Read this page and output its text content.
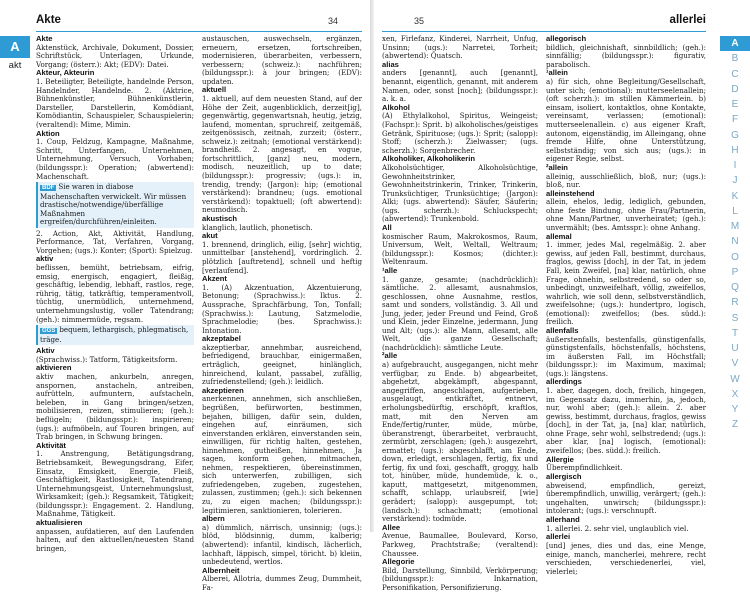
A
akt
Akte	34
Akte
Aktenstück, Archivale, Dokument, Dossier, Schriftstück, Unterlagen, Urkunde, Vorgang; (österr.): Akt; (EDV): Datei.
Akteur, Akteurin
1. Beteiligter, Beteiligte, handelnde Person, Handelnder, Handelnde. 2. (Aktrice, Bühnenkünstler, Bühnenkünstlerin, Darsteller, Darstellerin, Komödiant, Komödiantin, Schauspieler, Schauspielerin; (veraltend): Mime, Mimin.
Aktion
1. Coup, Feldzug, Kampagne, Maßnahme, Schritt, Unterfangen, Unternehmen, Unternehmung, Versuch, Vorhaben; (bildungsspr.): Operation; (abwertend): Machenschaft.
BDF Sie waren in diabose Machenschaften verwickelt. Wir müssen drastische/notwendige/überfällige Maßnahmen ergreifen/durchführen/einleiten.
2. Action, Akt, Aktivität, Handlung, Performance, Tat, Verfahren, Vorgang, Vorgehen; (ugs.): Konter; (Sport): Spielzug.
aktiv
beflissen, bemüht, betriebsam, eifrig, emsig, energisch, engagiert, fleißig, geschäftig, lebendig, lebhaft, rastlos, rege, rührig, tätig, tatkräftig, temperamentvoll, tüchtig, unermüdlich, unternehmend, unternehmungslustig, voller Tatendrang; (geh.): nimmermüde, regsam.
GGS bequem, lethargisch, phlegmatisch, träge.
Aktiv
(Sprachwiss.): Tatform, Tätigkeitsform.
aktivieren
aktiv machen, ankurbeln, anregen, anspornen, anstacheln, antreiben, aufrütteln, aufmuntern, aufstacheln, beleben, in Gang bringen/setzen, mobilisieren, reizen, stimulieren; (geh.): beflügeln; (bildungsspr.): inspirieren; (ugs.): aufmöbeln, auf Touren bringen, auf Trab bringen, in Schwung bringen.
Aktivität
1. Anstrengung, Betätigungsdrang, Betriebsamkeit, Bewegungsdrang, Eifer, Einsatz, Emsigkeit, Energie, Fleiß, Geschäftigkeit, Rastlosigkeit, Tatendrang, Unternehmungsgeist, Unternehmungslust, Wirksamkeit; (geh.): Regsamkeit, Tätigkeit; (bildungsspr.): Engagement. 2. Handlung, Maßnahme, Tätigkeit.
aktualisieren
anpassen, aufdatieren, auf den Laufenden halten, auf den aktuellen/neuesten Stand bringen,
austauschen, auswechseln, ergänzen, erneuern, ersetzen, fortschreiben, modernisieren, überarbeiten, verbessern, verbessern; (schweiz.): nachführen; (bildungsspr.): à jour bringen; (EDV): updaten.
aktuell
1. aktuell, auf dem neuesten Stand, auf der Höhe der Zeit, augenblicklich, derzeit[ig], gegenwärtig, gegenwartsnah, heutig, jetzig, laufend, momentan, spruchreif, zeitgemäß, zeitgenössisch, zeitnah, zurzeit; (österr., schweiz.): zeitnah; (emotional verstärkend): brandheiß. 2. angesagt, en vogue, fortschrittlich, [ganz] neu, modern, modisch, neuzeitlich, up to date; (bildungsspr.): progressiv; (ugs.): in, trendig, trendy; (Jargon): hip; (emotional verstärkend): brandneu; (ugs. emotional verstärkend): topaktuell; (oft abwertend): neumodisch.
akustisch
klanglich, lautlich, phonetisch.
akut
1. brennend, dringlich, eilig, [sehr] wichtig, unmittelbar [anstehend], vordringlich. 2. plötzlich [auftretend], schnell und heftig [verlaufend].
Akzent
1. (A) Akzentuation, Akzentuierung, Betonung; (Sprachwiss.): Iktus. 2. Aussprache, Sprachfärbung, Ton, Tonfall; (Sprachwiss.): Lautung, Satzmelodie, Sprachmelodie; (bes. Sprachwiss.): Intonation.
akzeptabel
akzeptierbar, annehmbar, ausreichend, befriedigend, brauchbar, einigermaßen, erträglich, geeignet, hinlänglich, hinreichend, kulant, passabel, zufällig, zufriedenstellend; (geh.): leidlich.
akzeptieren
anerkennen, annehmen, sich anschließen, begrüßen, befürworten, bestimmen, bejahen, billigen, dafür sein, dulden, eingehen auf, einräumen, sich einverstanden erklären, einverstanden sein, einwilligen, für richtig halten, gestehen, hinnehmen, gutheißen, hinnehmen, Ja sagen, konform gehen, mitmachen, nehmen, respektieren, übereinstimmen, sich unterwerfen, zubilligen, sich zufriedengeben, zugeben, zugestehen, zulassen, zustimmen; (geh.): sich bekennen zu, zu eigen machen; (bildungsspr.): legitimieren, sanktionieren, tolerieren.
albern
a) dümmlich, närrisch, unsinnig; (ugs.): blöd, blödsinnig, dumm, kalberig; (abwertend): infantil, kindisch, lächerlich, lachhaft, läppisch, simpel, töricht. b) kleiin, unbedeutend, wertlos.
Albernheit
Alberei, Allotria, dummes Zeug, Dummheit, Fa-
35	allerlei
xen, Firlefanz, Kinderei, Narrheit, Unfug, Unsinn; (ugs.): Narretei, Torheit; (abwertend): Quatsch.
alias
anders [genannt], auch [genannt], benannt, eigentlich, genannt, mit anderem Namen, oder, sonst [noch]; (bildungsspr.): a. k. a.
Alkohol
(A) Ethylalkohol, Spiritus, Weingeist; (Fachspr.): Sprit. b) alkoholisches/geistiges Getränk, Spirituose; (ugs.): Sprit; (salopp): Stoff; (scherzh.): Zielwasser; (ugs. scherzh.): Sorgenbrecher.
Alkoholiker, Alkoholikerin
Alkoholsüchtiger, Alkoholsüchtige, Gewohnheitstrinker, Gewohnheitstrinkerin, Trinker, Trinkerin, Trunksüchtiger, Trunksüchtige; (Jargon): Alki; (ugs. abwertend): Säufer, Säuferin; (ugs. scherzh.): Schluckspecht; (abwertend): Trunkenbold.
All
kosmischer Raum, Makrokosmos, Raum, Universum, Welt, Weltall, Weltraum; (bildungsspr.): Kosmos; (dichter.): Weltenraum.
¹alle
1. ganze, gesamte; (nachdrücklich): sämtliche. 2. allesamt, ausnahmslos, geschlossen, ohne Ausnahme, restlos, samt und sonders, vollständig. 3. All und Jung, jeder, jeder Freund und Feind, Groß und Klein, jeder Einzelne, jedermann, Jung und Alt; (ugs.): alle Mann, allesamt, alle Welt, die ganze Gesellschaft; (nachdrücklich): sämtliche Leute.
²alle
a) aufgebraucht, ausgegangen, nicht mehr verfügbar, zu Ende. b) abgearbeitet, abgehetzt, abgekämpft, abgespannt, angegriffen, angeschlagen, aufgerieben, ausgelaugt, entkräftet, entnervt, erholungsbedürftig, erschöpft, kraftlos, matt, mit den Nerven am Ende/fertig/runter, müde, mürbe, überanstrengt, überarbeitet, verbraucht, zermürbt, zerschlagen; (geh.): ausgezehrt, ermattet; (ugs.): abgeschlafft, am Ende, down, erledigt, erschlagen, fertig, fix und fertig, fix und foxi, geschafft, groggy, halb tot, hinüber, müde, hundemüde, k. o., kaputt, mattgesetzt, mitgenommen, schafft, schlapp, urlaubsreif, [wie] gerädert; (salopp): ausgepumpt, tot; (landsch.): schachmatt; (emotional verstärkend): todmüde.
Allee
Avenue, Baumallee, Boulevard, Korso, Parkweg, Prachtstraße; (veraltend): Chaussee.
Allegorie
Bild, Darstellung, Sinnbild, Verkörperung; (bildungsspr.): Inkarnation, Personifikation, Personifizierung.
allegorisch
bildlich, gleichnishaft, sinnbildlich; (geh.): sinnfällig; (bildungsspr.): figurativ, parabolisch.
¹allein
a) für sich, ohne Begleitung/Gesellschaft, unter sich; (emotional): mutterseelenallein; (oft scherzh.): im stillen Kämmerlein. b) einsam, isoliert, kontaktlos, ohne Kontakte, vereinsamt, verlassen; (emotional): mutterseelenallein. c) aus eigener Kraft, autonom, eigenständig, im Alleingang, ohne fremde Hilfe, ohne Unterstützung, selbstständig; von sich aus; (ugs.): in eigener Regie, selbst.
²allein
alleinig, ausschließlich, bloß, nur; (ugs.): bloß, nur.
alleinstehend
allein, ehelos, ledig, lediglich, gebunden, ohne feste Bindung, ohne Frau/Partnerin, ohne Mann/Partner, unverheiratet; (geh.): unvermählt; (bes. Amtsspr.): ohne Anhang.
allemal
1. immer, jedes Mal, regelmäßig. 2. aber gewiss, auf jeden Fall, bestimmt, durchaus, fraglos, gewiss [doch], in der Tat, in jedem Fall, kein Zweifel, [na] klar, natürlich, ohne Frage, ohnehin, selbstredend, so oder so, unbedingt, unzweifelhaft, völlig, zweifellos, wahrlich, wie soll denn, selbstverständlich, zweifelsohne; (ugs.): hundertpro, logisch, (emotional): zweifellos; (bes. südd.): freilich.
allenfalls
äußerstenfalls, bestenfalls, günstigenfalls, günstigstenfalls, höchstenfalls, höchstens, im äußersten Fall, im Höchstfall; (bildungsspr.): im Maximum, maximal; (ugs.): längstens.
allerdings
1. aber, dagegen, doch, freilich, hingegen, im Gegensatz dazu, immerhin, ja, jedoch, nur, wohl aber; (geh.): allein. 2. aber gewiss, bestimmt, durchaus, fraglos, gewiss [doch], in der Tat, ja, [na] klar, natürlich, ohne Frage, sehr wohl, selbstredend; (ugs.): aber klar, [na] logisch, (emotional): zweifellos; (bes. südd.): freilich.
Allergie
Überempfindlichkeit.
allergisch
abweisend, empfindlich, gereizt, überempfindlich, unwillig, verärgert; (geh.): ungehalten, unwirsch; (bildungsspr.): intolerant; (ugs.): verschnupft.
allerhand
1. allerlei. 2. sehr viel, unglaublich viel.
allerlei
[und] jenes, dies und das, eine Menge, einige, manch, mancherlei, mehrere, recht verschieden, verschiedenerlei, viel, vielerlei;
A
B
C
D
E
F
G
H
I
J
K
L
M
N
O
P
Q
R
S
T
U
V
W
X
Y
Z
